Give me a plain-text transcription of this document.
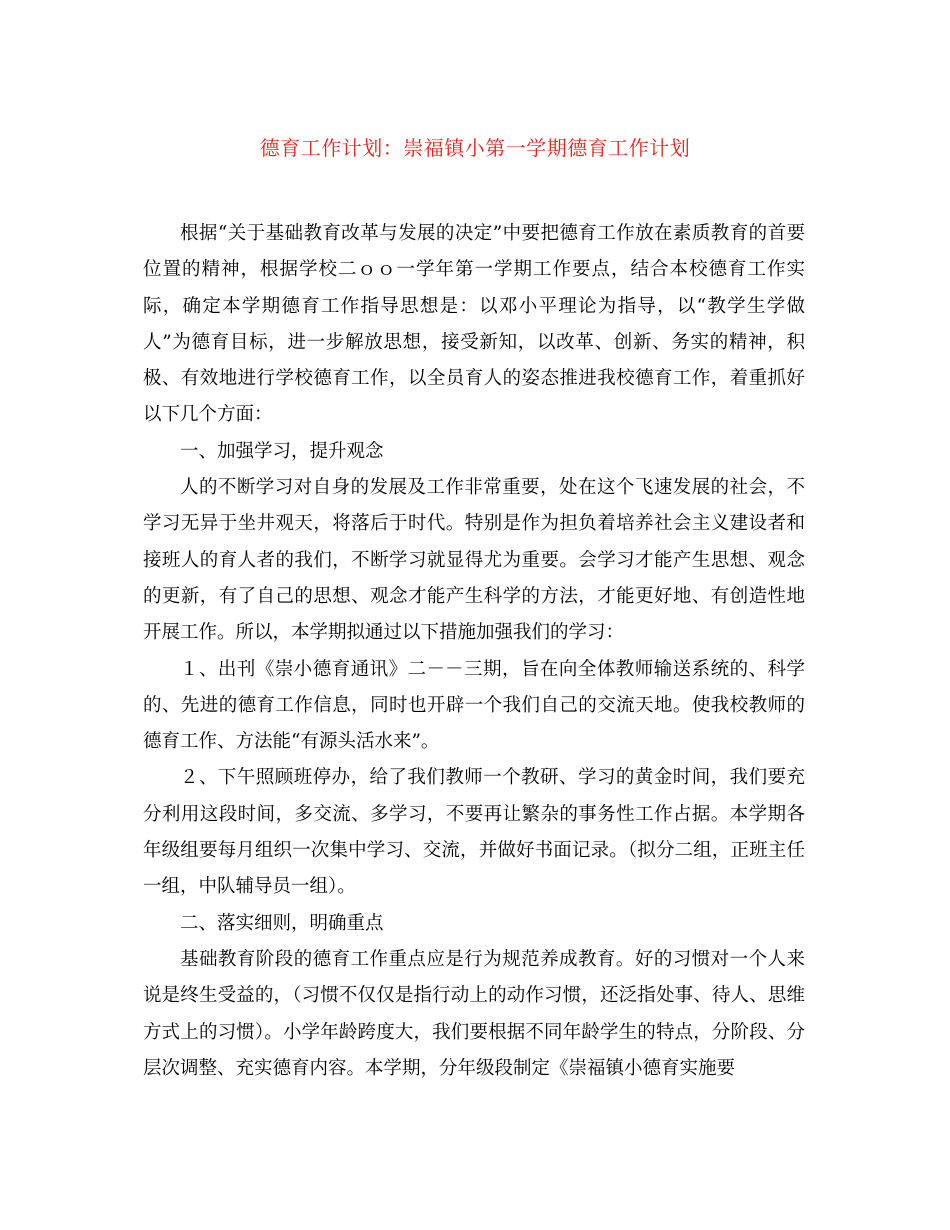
德育工作计划：崇福镇小第一学期德育工作计划

根据“关于基础教育改革与发展的决定”中要把德育工作放在素质教育的首要位置的精神，根据学校二ｏｏ一学年第一学期工作要点，结合本校德育工作实际，确定本学期德育工作指导思想是：以邓小平理论为指导，以“教学生学做人”为德育目标，进一步解放思想，接受新知，以改革、创新、务实的精神，积极、有效地进行学校德育工作，以全员育人的姿态推进我校德育工作，着重抓好以下几个方面：

一、加强学习，提升观念

人的不断学习对自身的发展及工作非常重要，处在这个飞速发展的社会，不学习无异于坐井观天，将落后于时代。特别是作为担负着培养社会主义建设者和接班人的育人者的我们，不断学习就显得尤为重要。会学习才能产生思想、观念的更新，有了自己的思想、观念才能产生科学的方法，才能更好地、有创造性地开展工作。所以，本学期拟通过以下措施加强我们的学习：

１、出刊《崇小德育通讯》二－－三期，旨在向全体教师输送系统的、科学的、先进的德育工作信息，同时也开辟一个我们自己的交流天地。使我校教师的德育工作、方法能“有源头活水来”。

２、下午照顾班停办，给了我们教师一个教研、学习的黄金时间，我们要充分利用这段时间，多交流、多学习，不要再让繁杂的事务性工作占据。本学期各年级组要每月组织一次集中学习、交流，并做好书面记录。（拟分二组，正班主任一组，中队辅导员一组）。

二、落实细则，明确重点

基础教育阶段的德育工作重点应是行为规范养成教育。好的习惯对一个人来说是终生受益的，（习惯不仅仅是指行动上的动作习惯，还泛指处事、待人、思维方式上的习惯）。小学年龄跨度大，我们要根据不同年龄学生的特点，分阶段、分层次调整、充实德育内容。本学期，分年级段制定《崇福镇小德育实施要
